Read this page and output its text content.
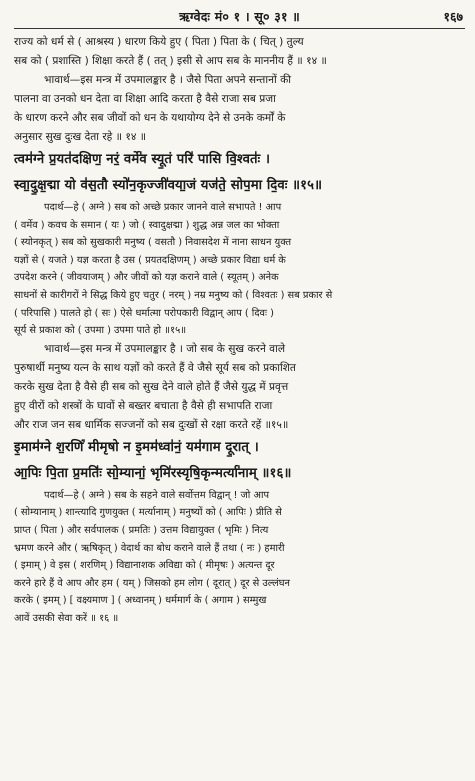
ऋग्वेदः मं० १ । सू० ३१ ॥	१६७

राज्य को धर्म से ( आश्रस्य ) धारण किये हुए ( पिता ) पिता के ( चित् ) तुल्य

सब को ( प्रशास्ति ) शिक्षा करते हैं ( तत् ) इसी से आप सब के माननीय हैं ॥ १४ ॥

भावार्थ—इस मन्त्र में उपमालङ्कार है । जैसे पिता अपने सन्तानों की

पालना वा उनको धन देता वा शिक्षा आदि करता है वैसे राजा सब प्रजा

के धारण करने और सब जीवों को धन के यथायोग्य देने से उनके कर्मों के

अनुसार सुख दुःख देता रहे ॥ १४ ॥

त्वम॑ग्ने प्र॒यत॑दक्षिण॒ नरं॒ वर्मे॑व स्यू॒तं परि॑ पासि वि॒श्वतः॑ ।

स्वा॒दु॒क्ष॒द्मा यो व॑स॒तौ स्यो॑न॒कृज्जी॑वया॒जं यज॑ते॒ सोप॒मा दि॒वः ॥१५॥

पदार्थ—हे ( अग्ने ) सब को अच्छे प्रकार जानने वाले सभापते ! आप

( वर्मेव ) कवच के समान ( यः ) जो ( स्वादुक्षद्मा ) शुद्ध अन्न जल का भोक्ता

( स्योनकृत् ) सब को सुखकारी मनुष्य ( वसतौ ) निवासदेश में नाना साधन युक्त

यज्ञों से ( यजते ) यज्ञ करता है उस ( प्रयतदक्षिणम् ) अच्छे प्रकार विद्या धर्म के

उपदेश करने ( जीवयाजम् ) और जीवों को यज्ञ कराने वाले ( स्यूतम् ) अनेक

साधनों से कारीगरों ने सिद्ध किये हुए चतुर ( नरम् ) नम्र मनुष्य को ( विश्वतः ) सब प्रकार से

( परिपासि ) पालते हो ( सः ) ऐसे धर्मात्मा परोपकारी विद्वान् आप ( दिवः )

सूर्य से प्रकाश को ( उपमा ) उपमा पाते हो ॥१५॥

भावार्थ—इस मन्त्र में उपमालङ्कार है । जो सब के सुख करने वाले

पुरुषार्थी मनुष्य यत्न के साथ यज्ञों को करते हैं वे जैसे सूर्य सब को प्रकाशित

करके सुख देता है वैसे ही सब को सुख देने वाले होते हैं जैसे युद्ध में प्रवृत्त

हुए वीरों को शस्त्रों के घावों से बख्तर बचाता है वैसे ही सभापति राजा

और राज जन सब धार्मिक सज्जनों को सब दुःखों से रक्षा करते रहें ॥१५॥

इ॒माम॑ग्ने श॒रणिं॑ मीमृषो न इ॒मम॑ध्वा॑नं॒ यम॑गाम दू॒रात् ।

आ॒पिः पि॒ता प्र॒मतिः॑ सो॒म्यानां॒ भृमि॑रस्यृषि॒कृन्मर्त्या॑नाम् ॥१६॥

पदार्थ—हे ( अग्ने ) सब के सहने वाले सर्वोत्तम विद्वान् ! जो आप

( सोम्यानाम् ) शान्त्यादि गुणयुक्त ( मर्त्यानाम् ) मनुष्यों को ( आपिः ) प्रीति से

प्राप्त ( पिता ) और सर्वपालक ( प्रमतिः ) उत्तम विद्यायुक्त ( भृमिः ) नित्य

भ्रमण करने और ( ऋषिकृत् ) वेदार्थ का बोध कराने वाले हैं तथा ( नः ) हमारी

( इमाम् ) वे इस ( शरणिम् ) विद्यानाशक अविद्या को ( मीमृषः ) अत्यन्त दूर

करने हारे हैं वे आप और हम ( यम् ) जिसको हम लोग ( दूरात् ) दूर से उल्लंघन

करके ( इमम् ) [ वक्ष्यमाण ] ( अध्वानम् ) धर्ममार्ग के ( अगाम ) सम्मुख

आवें उसकी सेवा करें ॥ १६ ॥
